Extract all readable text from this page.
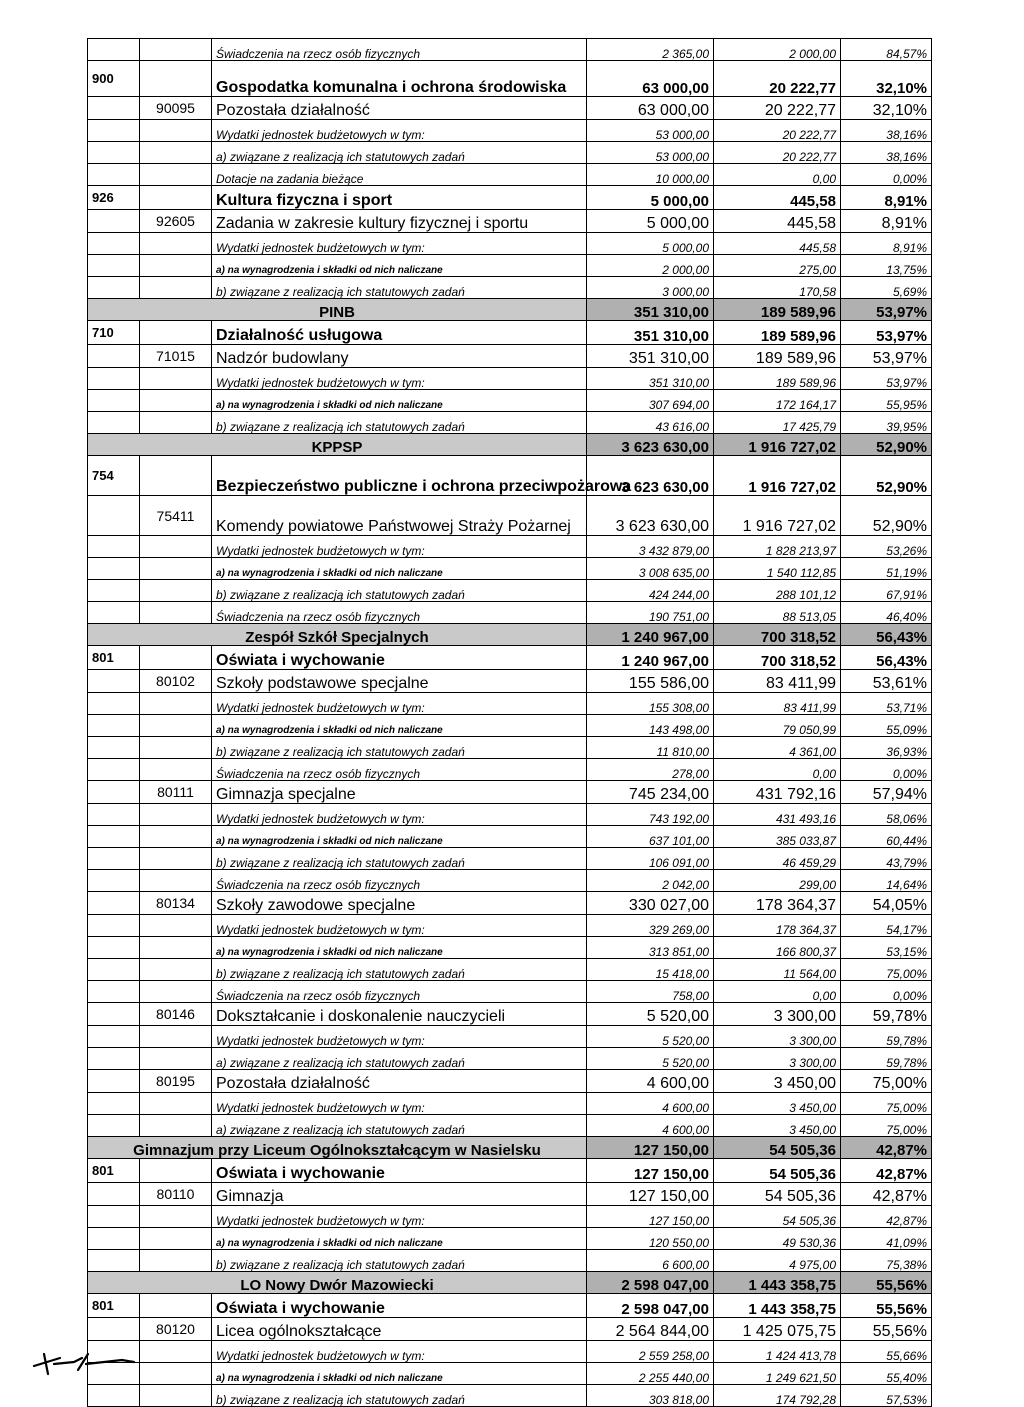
		Świadczenia na rzecz osób fizycznych	2 365,00	2 000,00	84,57%
900		Gospodatka komunalna i ochrona środowiska	63 000,00	20 222,77	32,10%
	90095	Pozostała działalność	63 000,00	20 222,77	32,10%
		Wydatki jednostek budżetowych w tym:	53 000,00	20 222,77	38,16%
		a) związane z realizacją ich statutowych zadań	53 000,00	20 222,77	38,16%
		Dotacje na zadania bieżące	10 000,00	0,00	0,00%
926		Kultura fizyczna i sport	5 000,00	445,58	8,91%
	92605	Zadania w zakresie kultury fizycznej i sportu	5 000,00	445,58	8,91%
		Wydatki jednostek budżetowych w tym:	5 000,00	445,58	8,91%
		a) na wynagrodzenia i składki od nich naliczane	2 000,00	275,00	13,75%
		b) związane z realizacją ich statutowych zadań	3 000,00	170,58	5,69%
PINB			351 310,00	189 589,96	53,97%
710		Działalność usługowa	351 310,00	189 589,96	53,97%
	71015	Nadzór budowlany	351 310,00	189 589,96	53,97%
		Wydatki jednostek budżetowych w tym:	351 310,00	189 589,96	53,97%
		a) na wynagrodzenia i składki od nich naliczane	307 694,00	172 164,17	55,95%
		b) związane z realizacją ich statutowych zadań	43 616,00	17 425,79	39,95%
KPPSP			3 623 630,00	1 916 727,02	52,90%
754		Bezpieczeństwo publiczne i ochrona przeciwpożarowa	3 623 630,00	1 916 727,02	52,90%
	75411	Komendy powiatowe Państwowej Straży Pożarnej	3 623 630,00	1 916 727,02	52,90%
		Wydatki jednostek budżetowych w tym:	3 432 879,00	1 828 213,97	53,26%
		a) na wynagrodzenia i składki od nich naliczane	3 008 635,00	1 540 112,85	51,19%
		b) związane z realizacją ich statutowych zadań	424 244,00	288 101,12	67,91%
		Świadczenia na rzecz osób fizycznych	190 751,00	88 513,05	46,40%
Zespół Szkół Specjalnych			1 240 967,00	700 318,52	56,43%
801		Oświata i wychowanie	1 240 967,00	700 318,52	56,43%
	80102	Szkoły podstawowe specjalne	155 586,00	83 411,99	53,61%
		Wydatki jednostek budżetowych w tym:	155 308,00	83 411,99	53,71%
		a) na wynagrodzenia i składki od nich naliczane	143 498,00	79 050,99	55,09%
		b) związane z realizacją ich statutowych zadań	11 810,00	4 361,00	36,93%
		Świadczenia na rzecz osób fizycznych	278,00	0,00	0,00%
	80111	Gimnazja specjalne	745 234,00	431 792,16	57,94%
		Wydatki jednostek budżetowych w tym:	743 192,00	431 493,16	58,06%
		a) na wynagrodzenia i składki od nich naliczane	637 101,00	385 033,87	60,44%
		b) związane z realizacją ich statutowych zadań	106 091,00	46 459,29	43,79%
		Świadczenia na rzecz osób fizycznych	2 042,00	299,00	14,64%
	80134	Szkoły zawodowe specjalne	330 027,00	178 364,37	54,05%
		Wydatki jednostek budżetowych w tym:	329 269,00	178 364,37	54,17%
		a) na wynagrodzenia i składki od nich naliczane	313 851,00	166 800,37	53,15%
		b) związane z realizacją ich statutowych zadań	15 418,00	11 564,00	75,00%
		Świadczenia na rzecz osób fizycznych	758,00	0,00	0,00%
	80146	Dokształcanie i doskonalenie nauczycieli	5 520,00	3 300,00	59,78%
		Wydatki jednostek budżetowych w tym:	5 520,00	3 300,00	59,78%
		a) związane z realizacją ich statutowych zadań	5 520,00	3 300,00	59,78%
	80195	Pozostała działalność	4 600,00	3 450,00	75,00%
		Wydatki jednostek budżetowych w tym:	4 600,00	3 450,00	75,00%
		a) związane z realizacją ich statutowych zadań	4 600,00	3 450,00	75,00%
Gimnazjum przy Liceum Ogólnokształcącym w Nasielsku			127 150,00	54 505,36	42,87%
801		Oświata i wychowanie	127 150,00	54 505,36	42,87%
	80110	Gimnazja	127 150,00	54 505,36	42,87%
		Wydatki jednostek budżetowych w tym:	127 150,00	54 505,36	42,87%
		a) na wynagrodzenia i składki od nich naliczane	120 550,00	49 530,36	41,09%
		b) związane z realizacją ich statutowych zadań	6 600,00	4 975,00	75,38%
LO Nowy Dwór Mazowiecki			2 598 047,00	1 443 358,75	55,56%
801		Oświata i wychowanie	2 598 047,00	1 443 358,75	55,56%
	80120	Licea ogólnokształcące	2 564 844,00	1 425 075,75	55,56%
		Wydatki jednostek budżetowych w tym:	2 559 258,00	1 424 413,78	55,66%
		a) na wynagrodzenia i składki od nich naliczane	2 255 440,00	1 249 621,50	55,40%
		b) związane z realizacją ich statutowych zadań	303 818,00	174 792,28	57,53%
